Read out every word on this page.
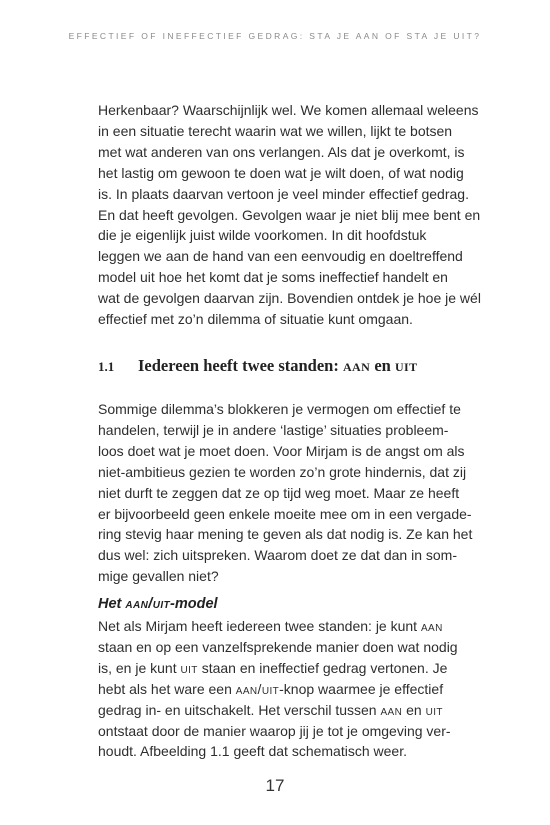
EFFECTIEF OF INEFFECTIEF GEDRAG: STA JE AAN OF STA JE UIT?

Herkenbaar? Waarschijnlijk wel. We komen allemaal weleens
in een situatie terecht waarin wat we willen, lijkt te botsen
met wat anderen van ons verlangen. Als dat je overkomt, is
het lastig om gewoon te doen wat je wilt doen, of wat nodig
is. In plaats daarvan vertoon je veel minder effectief gedrag.
En dat heeft gevolgen. Gevolgen waar je niet blij mee bent en
die je eigenlijk juist wilde voorkomen. In dit hoofdstuk
leggen we aan de hand van een eenvoudig en doeltreffend
model uit hoe het komt dat je soms ineffectief handelt en
wat de gevolgen daarvan zijn. Bovendien ontdek je hoe je wél
effectief met zo’n dilemma of situatie kunt omgaan.

1.1 Iedereen heeft twee standen: aan en uit

Sommige dilemma’s blokkeren je vermogen om effectief te
handelen, terwijl je in andere ‘lastige’ situaties probleem-
loos doet wat je moet doen. Voor Mirjam is de angst om als
niet-ambitieus gezien te worden zo’n grote hindernis, dat zij
niet durft te zeggen dat ze op tijd weg moet. Maar ze heeft
er bijvoorbeeld geen enkele moeite mee om in een vergade-
ring stevig haar mening te geven als dat nodig is. Ze kan het
dus wel: zich uitspreken. Waarom doet ze dat dan in som-
mige gevallen niet?

Het aan/uit-model

Net als Mirjam heeft iedereen twee standen: je kunt aan
staan en op een vanzelfsprekende manier doen wat nodig
is, en je kunt uit staan en ineffectief gedrag vertonen. Je
hebt als het ware een aan/uit-knop waarmee je effectief
gedrag in- en uitschakelt. Het verschil tussen aan en uit
ontstaat door de manier waarop jij je tot je omgeving ver-
houdt. Afbeelding 1.1 geeft dat schematisch weer.

17
